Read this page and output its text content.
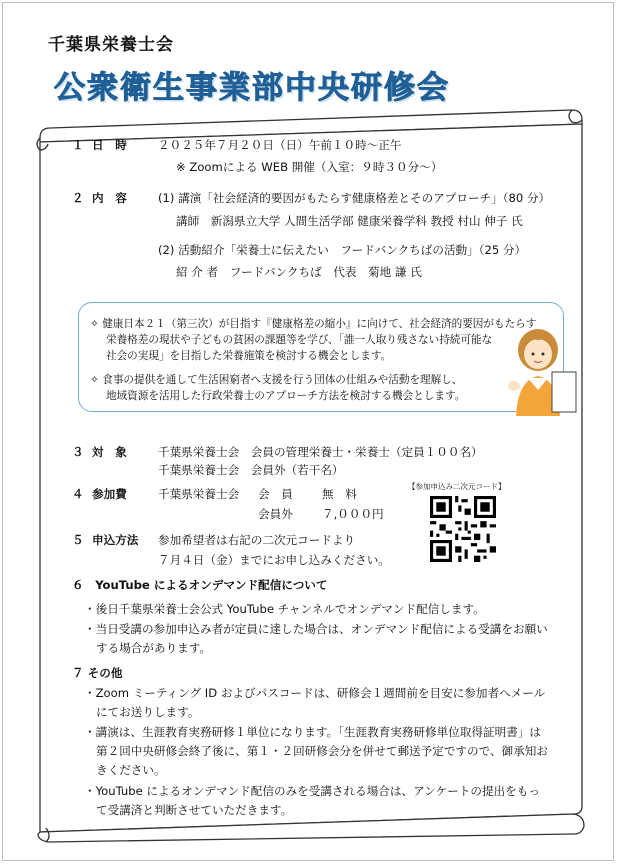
千葉県栄養士会
公衆衛生事業部中央研修会
１ 日　時	２０２５年７月２０日（日）午前１０時～正午
※ Zoomによる WEB 開催（入室：９時３０分～）
２ 内　容	(1) 講演「社会経済的要因がもたらす健康格差とそのアプローチ」（80 分）
講師　新潟県立大学 人間生活学部 健康栄養学科 教授 村山 伸子 氏
(2) 活動紹介「栄養士に伝えたい　フードバンクちばの活動」（25 分）
紹 介 者　フードバンクちば　代表　菊地 謙 氏
✧ 健康日本２１（第三次）が目指す『健康格差の縮小』に向けて、社会経済的要因がもたらす
栄養格差の現状や子どもの貧困の課題等を学び、「誰一人取り残さない持続可能な
社会の実現」を目指した栄養施策を検討する機会とします。
✧ 食事の提供を通して生活困窮者へ支援を行う団体の仕組みや活動を理解し、
地域資源を活用した行政栄養士のアプローチ方法を検討する機会とします。
３ 対　象	千葉県栄養士会　会員の管理栄養士・栄養士（定員１００名）
千葉県栄養士会　会員外（若干名）
４ 参加費	千葉県栄養士会 会　員	無　料
会員外	７,０００円
【参加申込み二次元コード】
５ 申込方法 参加希望者は右記の二次元コードより
７月４日（金）までにお申し込みください。
６　YouTube によるオンデマンド配信について
・後日千葉県栄養士会公式 YouTube チャンネルでオンデマンド配信します。
・当日受講の参加申込み者が定員に達した場合は、オンデマンド配信による受講をお願い
する場合があります。
７ その他
・Zoom ミーティング ID およびパスコードは、研修会１週間前を目安に参加者へメール
にてお送りします。
・講演は、生涯教育実務研修１単位になります。「生涯教育実務研修単位取得証明書」は
第２回中央研修会終了後に、第１・２回研修会分を併せて郵送予定ですので、御承知お
きください。
・YouTube によるオンデマンド配信のみを受講される場合は、アンケートの提出をもっ
て受講済と判断させていただきます。
